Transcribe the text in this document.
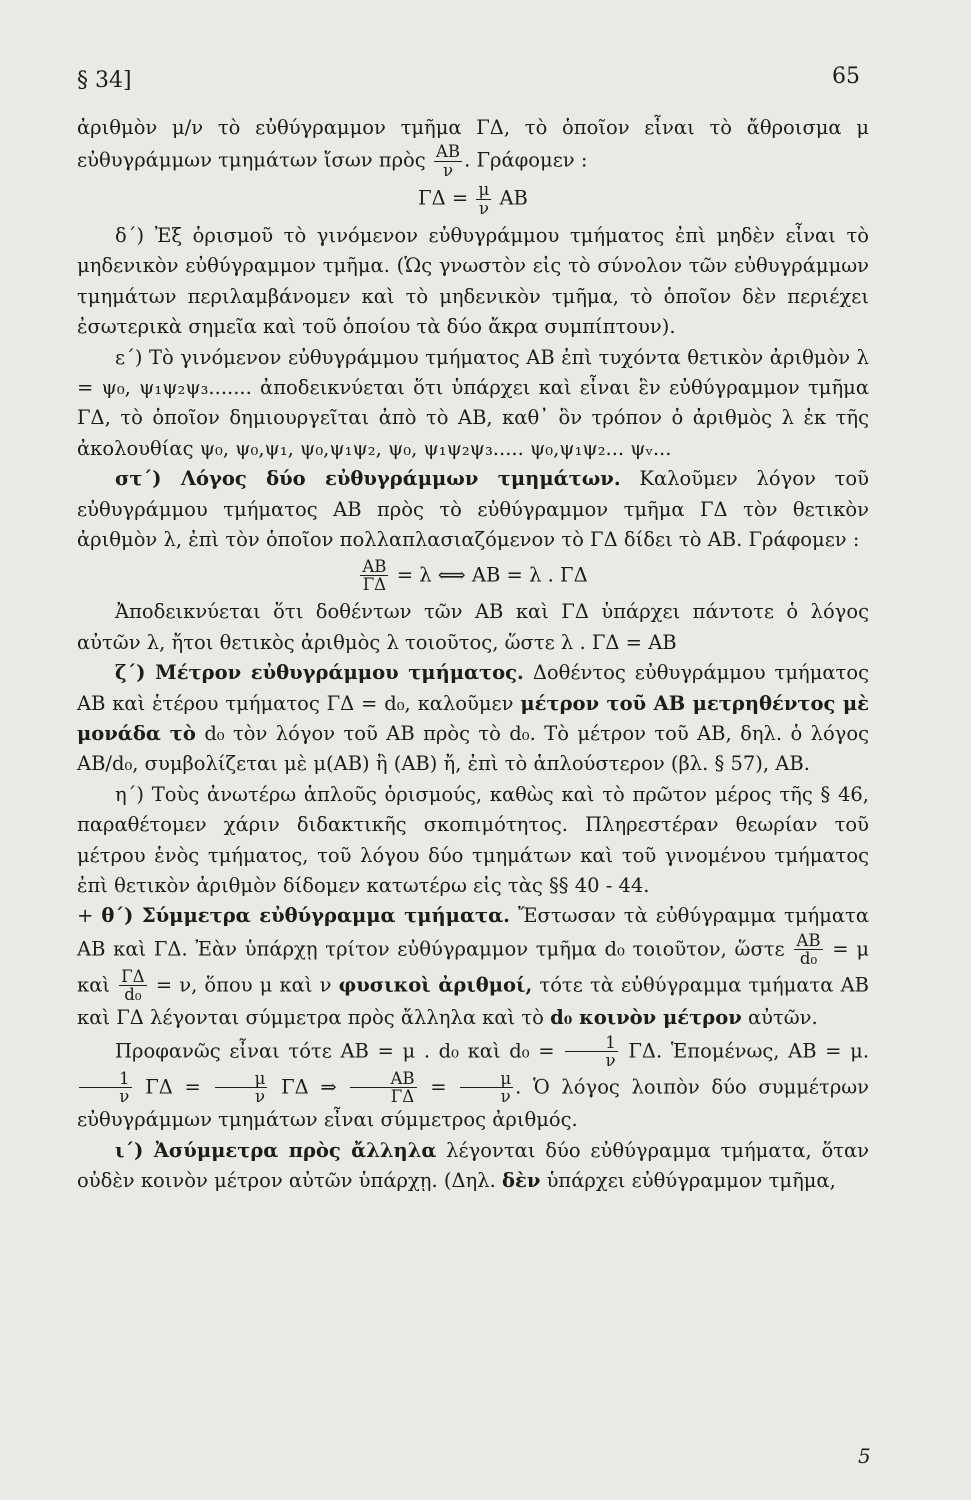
§ 34]	65

ἀριθμὸν μ/ν τὸ εὐθύγραμμον τμῆμα ΓΔ, τὸ ὁποῖον εἶναι τὸ ἄθροισμα μ εὐθυγράμμων τμημάτων ἴσων πρὸς $\frac{AB}{\nu}$ . Γράφομεν :

$\Gamma\Delta = \frac{\mu}{\nu}$ AB

δ΄) Ἐξ ὁρισμοῦ τὸ γινόμενον εὐθυγράμμου τμήματος ἐπὶ μηδὲν εἶναι τὸ μηδενικὸν εὐθύγραμμον τμῆμα. (Ὡς γνωστὸν εἰς τὸ σύνολον τῶν εὐθυγράμμων τμημάτων περιλαμβάνομεν καὶ τὸ μηδενικὸν τμῆμα, τὸ ὁποῖον δὲν περιέχει ἐσωτερικὰ σημεῖα καὶ τοῦ ὁποίου τὰ δύο ἄκρα συμπίπτουν).

ε΄) Τὸ γινόμενον εὐθυγράμμου τμήματος AB ἐπὶ τυχόντα θετικὸν ἀριθμὸν λ = ψ₀, ψ₁ψ₂ψ₃....... ἀποδεικνύεται ὅτι ὑπάρχει καὶ εἶναι ἓν εὐθύγραμμον τμῆμα ΓΔ, τὸ ὁποῖον δημιουργεῖται ἀπὸ τὸ AB, καθ᾿ ὃν τρόπον ὁ ἀριθμὸς λ ἐκ τῆς ἀκολουθίας ψ₀, ψ₀,ψ₁, ψ₀,ψ₁ψ₂, ψ₀, ψ₁ψ₂ψ₃..... ψ₀,ψ₁ψ₂... ψᵥ...

στ΄) Λόγος δύο εὐθυγράμμων τμημάτων. Καλοῦμεν λόγον τοῦ εὐθυγράμμου τμήματος AB πρὸς τὸ εὐθύγραμμον τμῆμα ΓΔ τὸν θετικὸν ἀριθμὸν λ, ἐπὶ τὸν ὁποῖον πολλαπλασιαζόμενον τὸ ΓΔ δίδει τὸ AB. Γράφομεν :

$\frac{AB}{\Gamma\Delta} = \lambda$ ⟺ AB = λ . ΓΔ

Ἀποδεικνύεται ὅτι δοθέντων τῶν AB καὶ ΓΔ ὑπάρχει πάντοτε ὁ λόγος αὐτῶν λ, ἤτοι θετικὸς ἀριθμὸς λ τοιοῦτος, ὥστε λ . ΓΔ = AB

ζ΄) Μέτρον εὐθυγράμμου τμήματος. Δοθέντος εὐθυγράμμου τμήματος AB καὶ ἑτέρου τμήματος ΓΔ = d₀, καλοῦμεν μέτρον τοῦ AB μετρηθέντος μὲ μονάδα τὸ d₀ τὸν λόγον τοῦ AB πρὸς τὸ d₀. Τὸ μέτρον τοῦ AB, δηλ. ὁ λόγος AB/d₀, συμβολίζεται μὲ μ(AB) ἢ (AB) ἤ, ἐπὶ τὸ ἁπλούστερον (βλ. § 57), AB.

η΄) Τοὺς ἀνωτέρω ἁπλοῦς ὁρισμούς, καθὼς καὶ τὸ πρῶτον μέρος τῆς § 46, παραθέτομεν χάριν διδακτικῆς σκοπιμότητος. Πληρεστέραν θεωρίαν τοῦ μέτρου ἑνὸς τμήματος, τοῦ λόγου δύο τμημάτων καὶ τοῦ γινομένου τμήματος ἐπὶ θετικὸν ἀριθμὸν δίδομεν κατωτέρω εἰς τὰς §§ 40 - 44.

+ θ΄) Σύμμετρα εὐθύγραμμα τμήματα. Ἔστωσαν τὰ εὐθύγραμμα τμήματα AB καὶ ΓΔ. Ἐὰν ὑπάρχῃ τρίτον εὐθύγραμμον τμῆμα d₀ τοιοῦτον, ὥστε $\frac{AB}{\text{d₀}} = \mu$ καὶ $\frac{\Gamma\Delta}{\text{d₀}} = \nu$, ὅπου μ καὶ ν φυσικοὶ ἀριθμοί, τότε τὰ εὐθύγραμμα τμήματα AB καὶ ΓΔ λέγονται σύμμετρα πρὸς ἄλληλα καὶ τὸ d₀ κοινὸν μέτρον αὐτῶν.

Προφανῶς εἶναι τότε AB = μ . d₀ καὶ $d_0 = \frac{1}{\nu} \Gamma\Delta$. Ἑπομένως, AB = μ.
$\frac{1}{\nu}$ $\Gamma\Delta = \frac{\mu}{\nu}$ ΓΔ ⇒ $\frac{AB}{\Gamma\Delta} = \frac{\mu}{\nu}$ . Ὁ λόγος λοιπὸν δύο συμμέτρων εὐθυγράμμων τμημάτων εἶναι σύμμετρος ἀριθμός.

ι΄) Ἀσύμμετρα πρὸς ἄλληλα λέγονται δύο εὐθύγραμμα τμήματα, ὅταν οὐδὲν κοινὸν μέτρον αὐτῶν ὑπάρχῃ. (Δηλ. δὲν ὑπάρχει εὐθύγραμμον τμῆμα,

5
